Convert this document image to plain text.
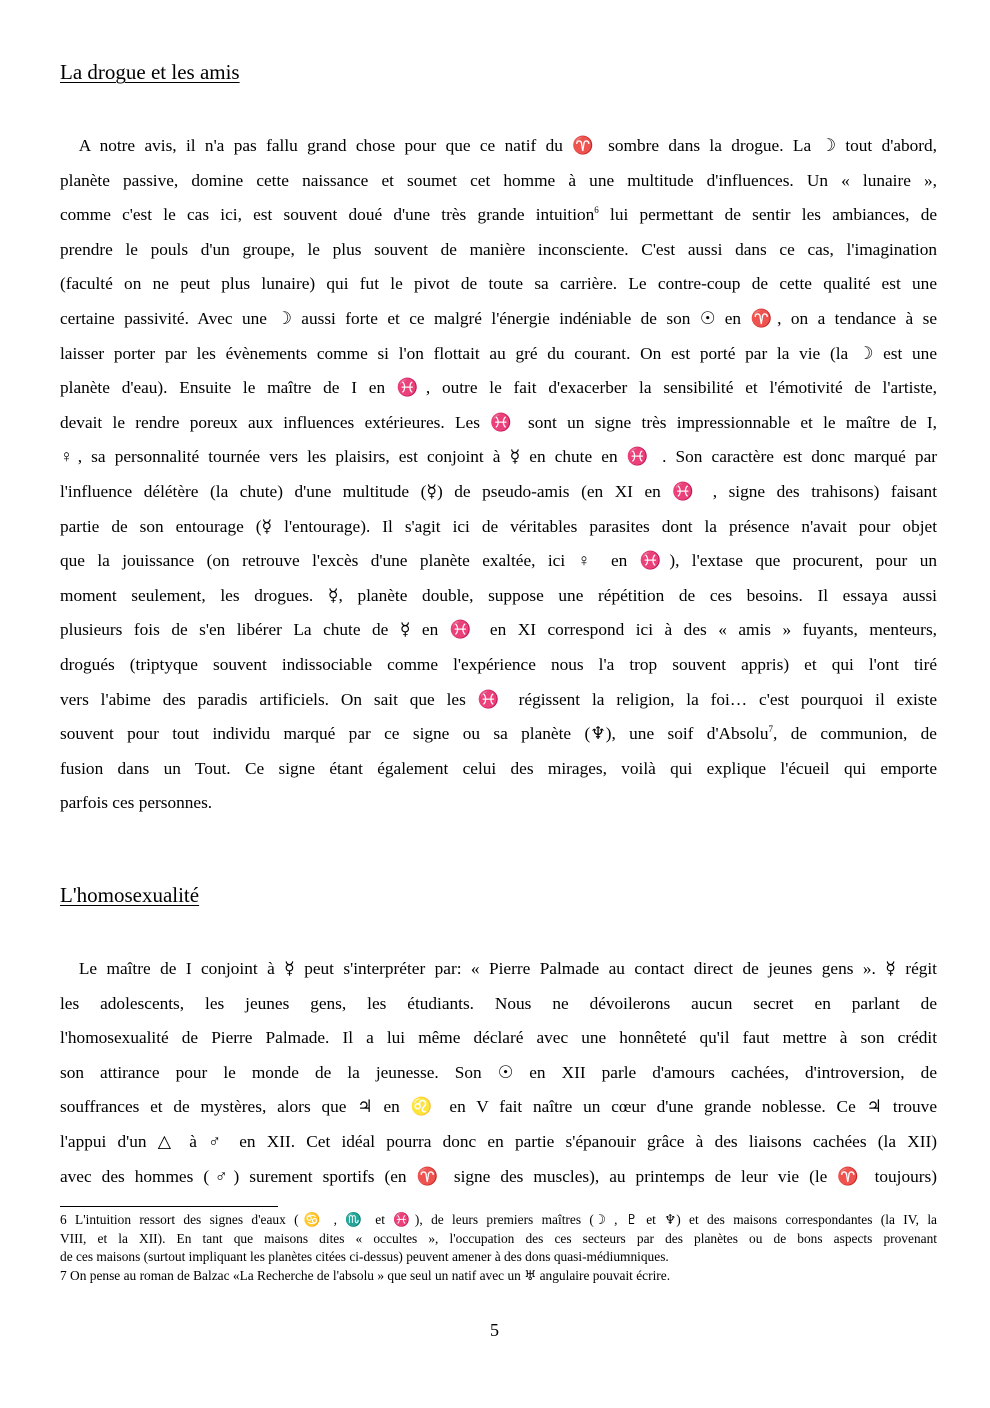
La drogue et les amis
A notre avis, il n'a pas fallu grand chose pour que ce natif du ♈ sombre dans la drogue. La ☽ tout d'abord,
planète passive, domine cette naissance et soumet cet homme à une multitude d'influences. Un « lunaire »,
comme c'est le cas ici, est souvent doué d'une très grande intuition$^6$ lui permettant de sentir les ambiances, de
prendre le pouls d'un groupe, le plus souvent de manière inconsciente. C'est aussi dans ce cas, l'imagination
(faculté on ne peut plus lunaire) qui fut le pivot de toute sa carrière. Le contre-coup de cette qualité est une
certaine passivité. Avec une ☽ aussi forte et ce malgré l'énergie indéniable de son ☉ en ♈, on a tendance à se
laisser porter par les évènements comme si l'on flottait au gré du courant. On est porté par la vie (la ☽ est une
planète d'eau). Ensuite le maître de I en ♓, outre le fait d'exacerber la sensibilité et l'émotivité de l'artiste,
devait le rendre poreux aux influences extérieures. Les ♓ sont un signe très impressionnable et le maître de I,
♀, sa personnalité tournée vers les plaisirs, est conjoint à ☿ en chute en ♓ . Son caractère est donc marqué par
l'influence délétère (la chute) d'une multitude (☿) de pseudo-amis (en XI en ♓ , signe des trahisons) faisant
partie de son entourage (☿ l'entourage). Il s'agit ici de véritables parasites dont la présence n'avait pour objet
que la jouissance (on retrouve l'excès d'une planète exaltée, ici ♀ en ♓), l'extase que procurent, pour un
moment seulement, les drogues. ☿, planète double, suppose une répétition de ces besoins. Il essaya aussi
plusieurs fois de s'en libérer La chute de ☿ en ♓ en XI correspond ici à des « amis » fuyants, menteurs,
drogués (triptyque souvent indissociable comme l'expérience nous l'a trop souvent appris) et qui l'ont tiré
vers l'abime des paradis artificiels. On sait que les ♓ régissent la religion, la foi… c'est pourquoi il existe
souvent pour tout individu marqué par ce signe ou sa planète (♆), une soif d'Absolu$^7$, de communion, de
fusion dans un Tout. Ce signe étant également celui des mirages, voilà qui explique l'écueil qui emporte
parfois ces personnes.
L'homosexualité
Le maître de I conjoint à ☿ peut s'interpréter par: « Pierre Palmade au contact direct de jeunes gens ». ☿ régit
les adolescents, les jeunes gens, les étudiants. Nous ne dévoilerons aucun secret en parlant de
l'homosexualité de Pierre Palmade. Il a lui même déclaré avec une honnêteté qu'il faut mettre à son crédit
son attirance pour le monde de la jeunesse. Son ☉ en XII parle d'amours cachées, d'introversion, de
souffrances et de mystères, alors que ♃ en ♌ en V fait naître un cœur d'une grande noblesse. Ce ♃ trouve
l'appui d'un △ à ♂ en XII. Cet idéal pourra donc en partie s'épanouir grâce à des liaisons cachées (la XII)
avec des hommes (♂) surement sportifs (en ♈ signe des muscles), au printemps de leur vie (le ♈ toujours)
6 L'intuition ressort des signes d'eaux (♋ , ♏ et ♓), de leurs premiers maîtres (☽ , ♇ et ♆) et des maisons correspondantes (la IV, la
VIII, et la XII). En tant que maisons dites « occultes », l'occupation des ces secteurs par des planètes ou de bons aspects provenant
de ces maisons (surtout impliquant les planètes citées ci-dessus) peuvent amener à des dons quasi-médiumniques.
7 On pense au roman de Balzac «La Recherche de l'absolu » que seul un natif avec un ♅ angulaire pouvait écrire.
5
